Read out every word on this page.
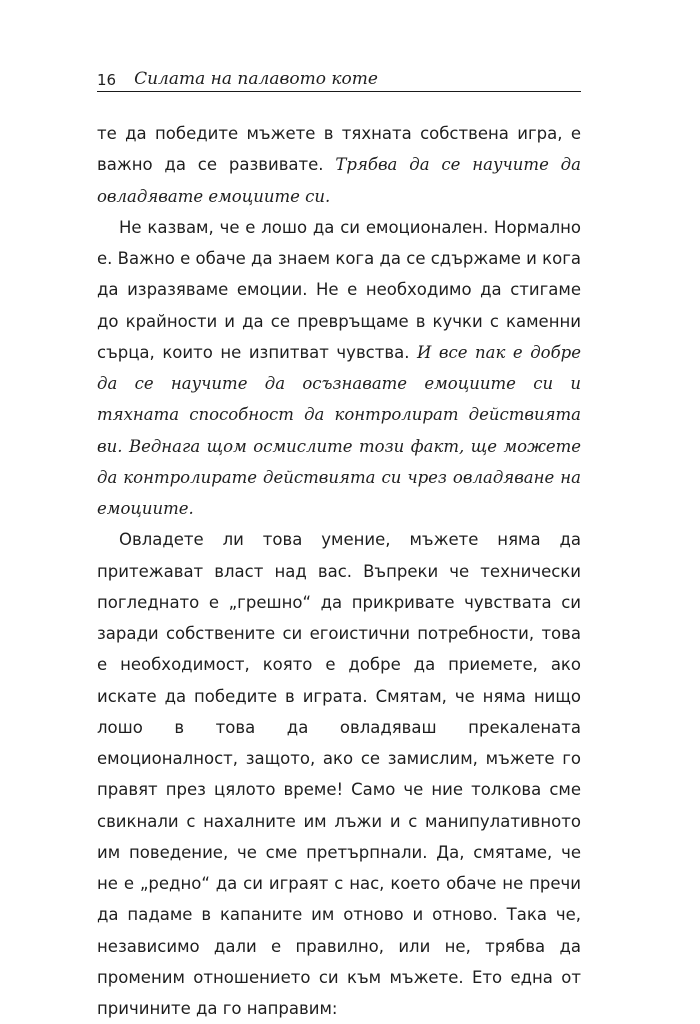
16 Силата на палавото коте

те да победите мъжете в тяхната собствена игра, е важно да се развивате. Трябва да се научите да овладявате емоциите си.

Не казвам, че е лошо да си емоционален. Нормално е. Важно е обаче да знаем кога да се сдържаме и кога да изразяваме емоции. Не е необходимо да стигаме до крайности и да се превръщаме в кучки с каменни сърца, които не изпитват чувства. И все пак е добре да се научите да осъзнавате емоциите си и тяхната способност да контролират действията ви. Веднага щом осмислите този факт, ще можете да контролирате действията си чрез овладяване на емоциите.

Овладете ли това умение, мъжете няма да притежават власт над вас. Въпреки че технически погледнато е „грешно“ да прикривате чувствата си заради собствените си егоистични потребности, това е необходимост, която е добре да приемете, ако искате да победите в играта. Смятам, че няма нищо лошо в това да овладяваш прекалената емоционалност, защото, ако се замислим, мъжете го правят през цялото време! Само че ние толкова сме свикнали с нахалните им лъжи и с манипулативното им поведение, че сме претърпнали. Да, смятаме, че не е „редно“ да си играят с нас, което обаче не пречи да падаме в капаните им отново и отново. Така че, независимо дали е правилно, или не, трябва да променим отношението си към мъжете. Ето една от причините да го направим:
